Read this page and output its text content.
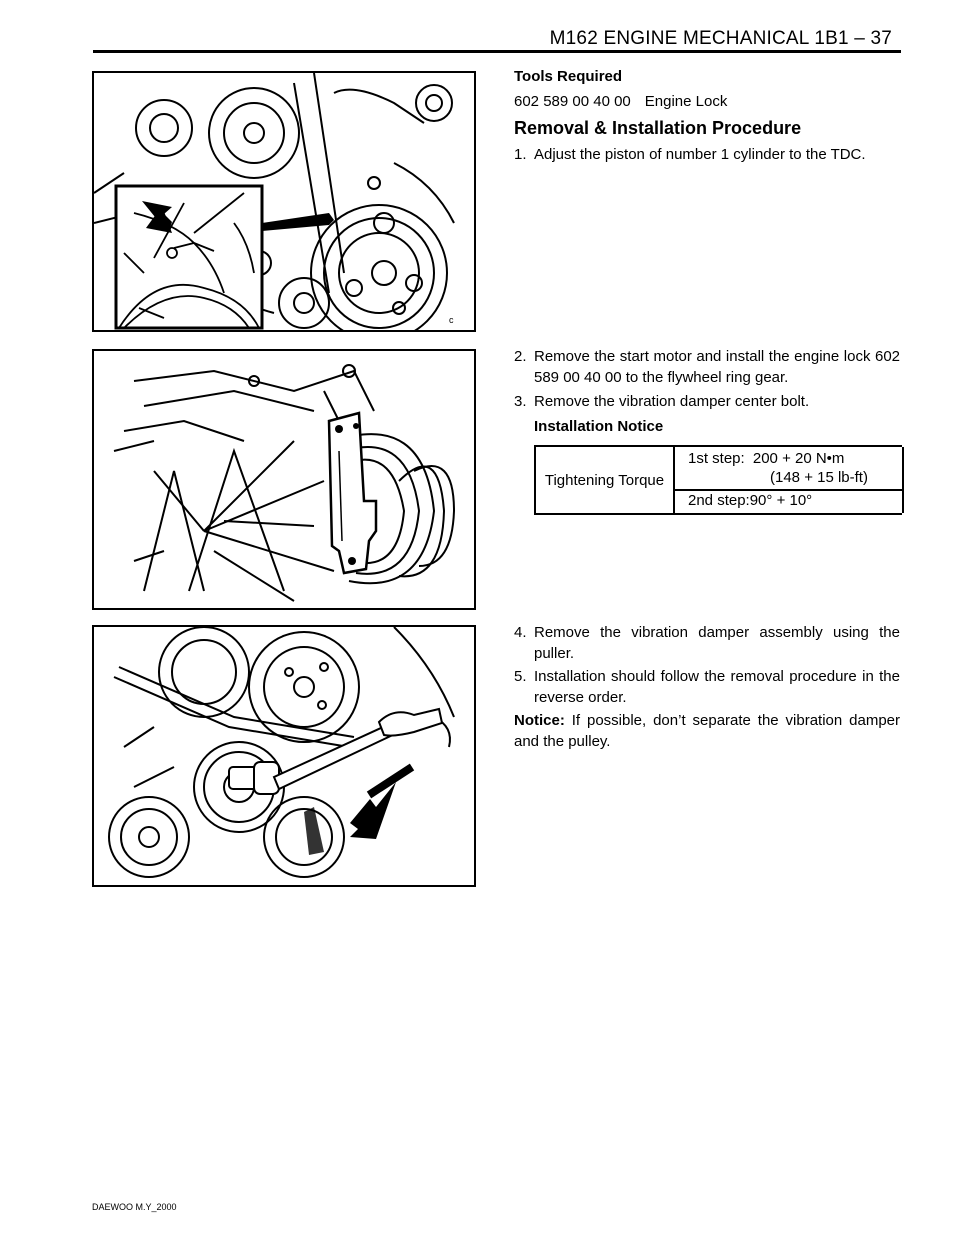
M162 ENGINE MECHANICAL 1B1 – 37
c
Tools Required
602 589 00 40 00 Engine Lock
Removal & Installation Procedure
1. Adjust the piston of number 1 cylinder to the TDC.
2. Remove the start motor and install the engine lock 602 589 00 40 00 to the flywheel ring gear.
3. Remove the vibration damper center bolt.
Installation Notice
Tightening Torque
1st step: 200 + 20 N•m
(148 + 15 lb-ft)
2nd step:90° + 10°
4. Remove the vibration damper assembly using the puller.
5. Installation should follow the removal procedure in the reverse order.
Notice: If possible, don’t separate the vibration damper and the pulley.
DAEWOO M.Y_2000
